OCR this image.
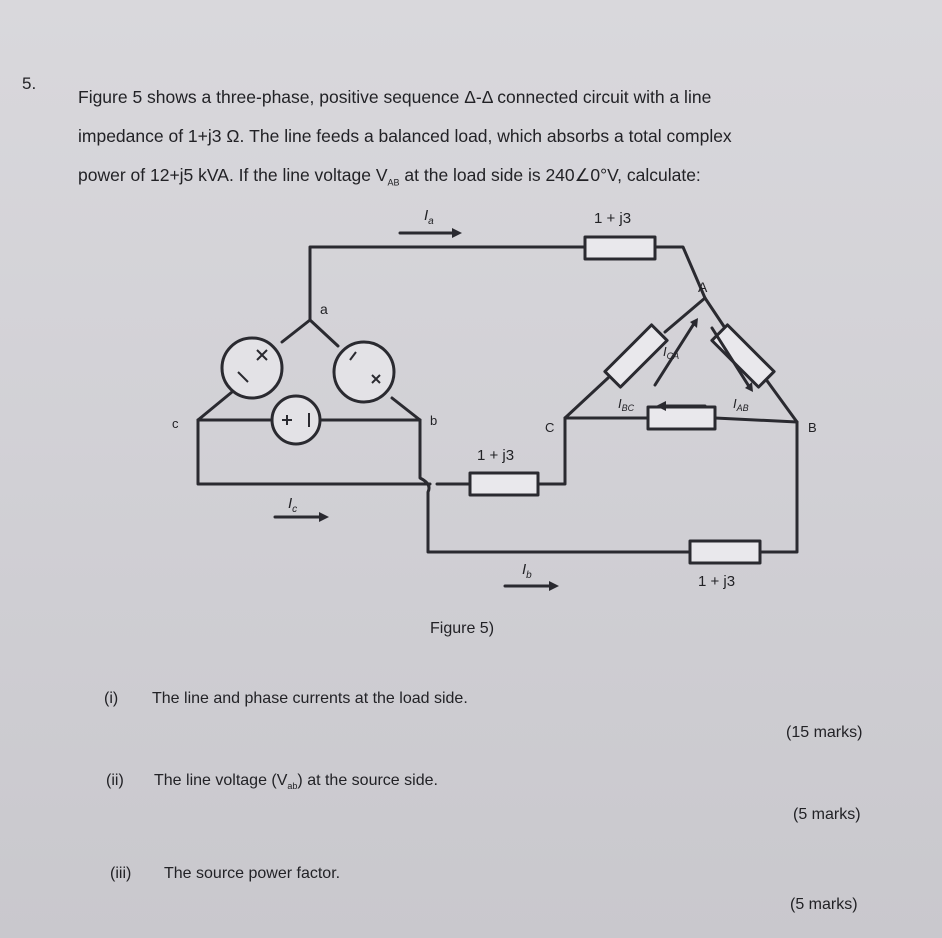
5.
Figure 5 shows a three-phase, positive sequence Δ-Δ connected circuit with a line
impedance of 1+j3 Ω. The line feeds a balanced load, which absorbs a total complex
power of 12+j5 kVA. If the line voltage $V_{AB}$ at the load side is 240∠0°V, calculate:
$I_a$	1 + j3
A
a
$I_{CA}$
$I_{BC}$	$I_{AB}$
c	b	C	B
1 + j3
$I_c$
$I_b$	1 + j3
Figure 5)
(i) The line and phase currents at the load side.
(15 marks)
(ii) The line voltage $(V_{ab})$ at the source side.
(5 marks)
(iii) The source power factor.
(5 marks)
